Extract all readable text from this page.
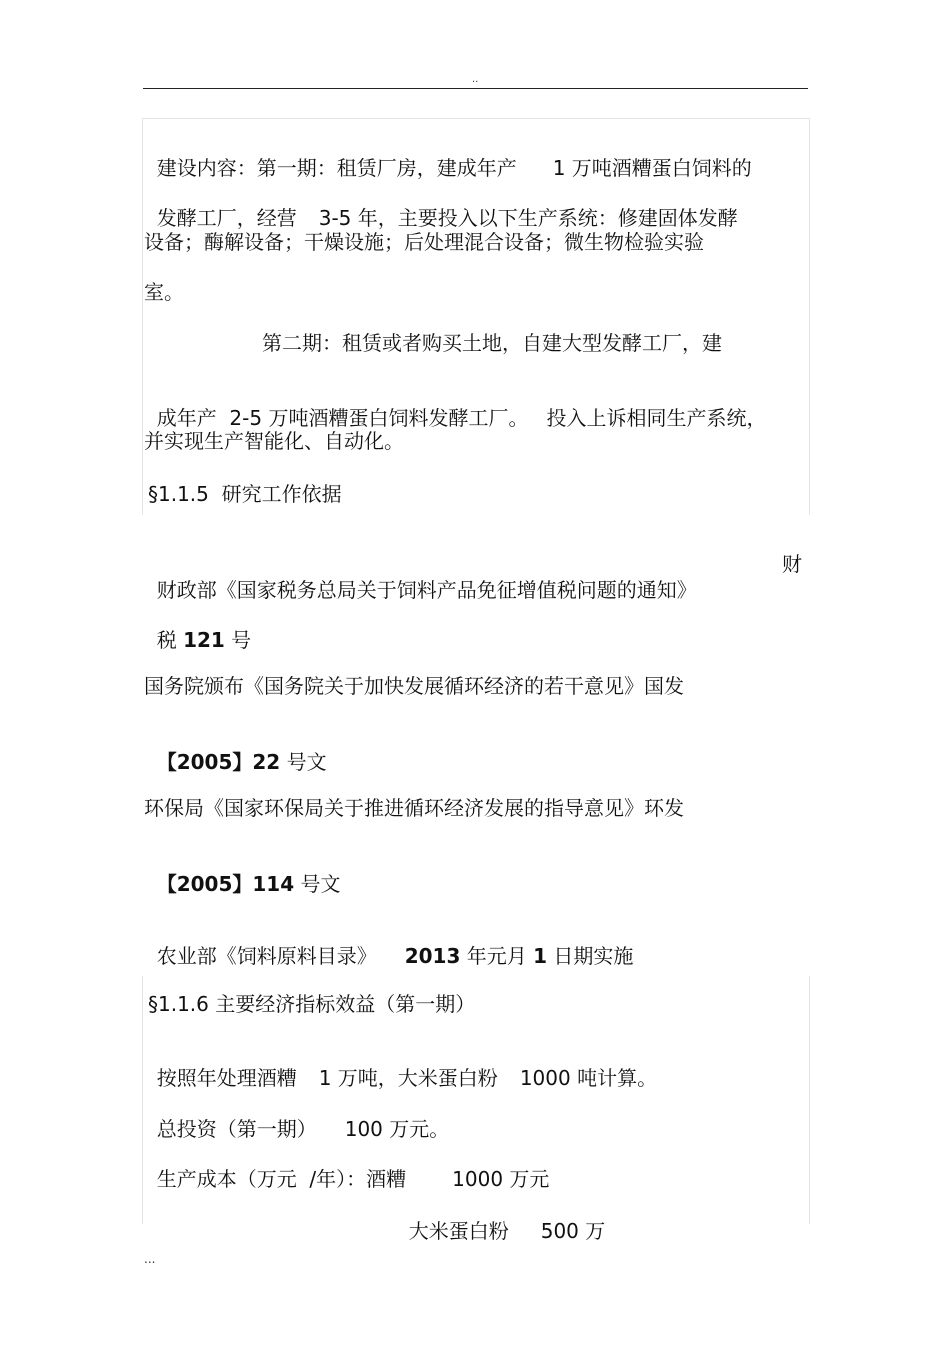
..

建设内容：第一期：租赁厂房，建成年产 1 万吨酒糟蛋白饲料的

发酵工厂，经营 3-5 年，主要投入以下生产系统：修建固体发酵

设备；酶解设备；干燥设施；后处理混合设备；微生物检验实验
室。
第二期：租赁或者购买土地，自建大型发酵工厂，建

成年产  2-5 万吨酒糟蛋白饲料发酵工厂。 投入上诉相同生产系统，

并实现生产智能化、自动化。
§1.1.5  研究工作依据

财政部《国家税务总局关于饲料产品免征增值税问题的通知》

财

税 121 号

国务院颁布《国务院关于加快发展循环经济的若干意见》国发

【2005】22 号文

环保局《国家环保局关于推进循环经济发展的指导意见》环发

【2005】114 号文

农业部《饲料原料目录》 2013 年元月 1 日期实施

§1.1.6 主要经济指标效益（第一期）

按照年处理酒糟 1 万吨，大米蛋白粉 1000 吨计算。

总投资（第一期） 100 万元。

生产成本（万元  /年）：酒糟 1000 万元

大米蛋白粉 500 万

...
